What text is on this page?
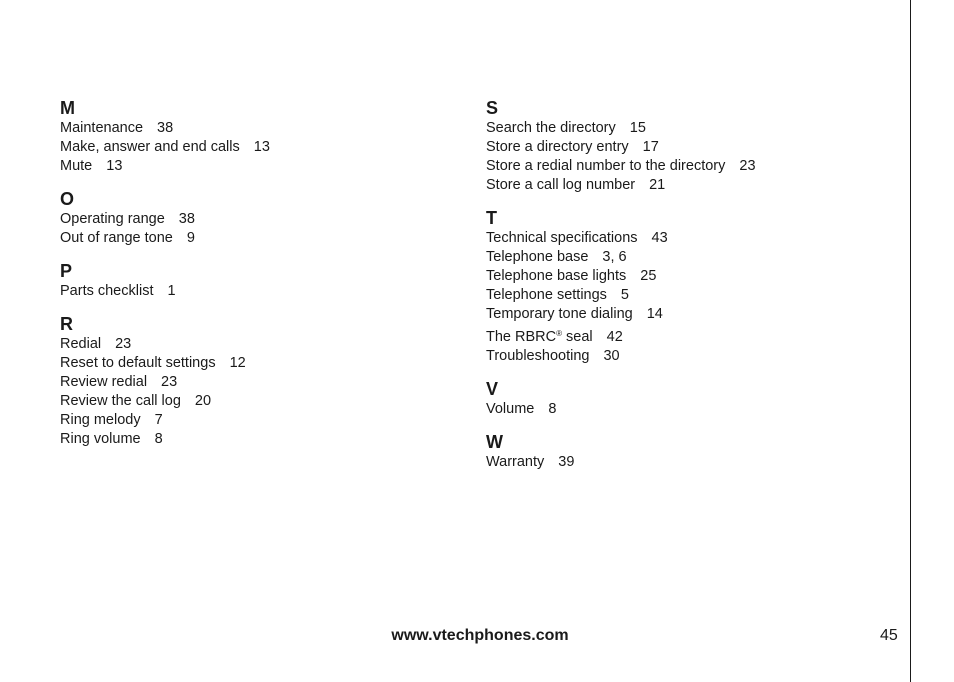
M
Maintenance 38
Make, answer and end calls 13
Mute 13
O
Operating range 38
Out of range tone 9
P
Parts checklist 1
R
Redial 23
Reset to default settings 12
Review redial 23
Review the call log 20
Ring melody 7
Ring volume 8
S
Search the directory 15
Store a directory entry 17
Store a redial number to the directory 23
Store a call log number 21
T
Technical specifications 43
Telephone base 3, 6
Telephone base lights 25
Telephone settings 5
Temporary tone dialing 14
The RBRC® seal 42
Troubleshooting 30
V
Volume 8
W
Warranty 39
www.vtechphones.com	45
